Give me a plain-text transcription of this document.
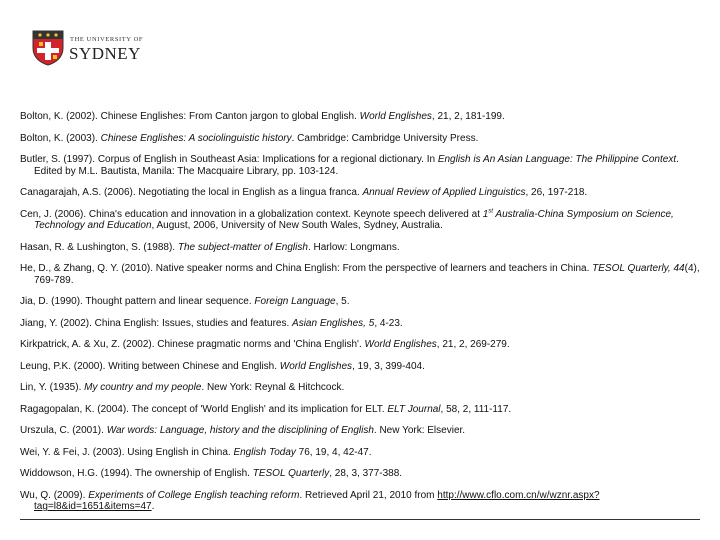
THE UNIVERSITY OF
SYDNEY

Bolton, K. (2002). Chinese Englishes: From Canton jargon to global English. World Englishes, 21, 2, 181-199.

Bolton, K. (2003). Chinese Englishes: A sociolinguistic history. Cambridge: Cambridge University Press.

Butler, S. (1997). Corpus of English in Southeast Asia: Implications for a regional dictionary. In English is An Asian Language: The Philippine Context. Edited by M.L. Bautista, Manila: The Macquaire Library, pp. 103-124.

Canagarajah, A.S. (2006). Negotiating the local in English as a lingua franca. Annual Review of Applied Linguistics, 26, 197-218.

Cen, J. (2006). China's education and innovation in a globalization context. Keynote speech delivered at 1st Australia-China Symposium on Science, Technology and Education, August, 2006, University of New South Wales, Sydney, Australia.

Hasan, R. & Lushington, S. (1988). The subject-matter of English. Harlow: Longmans.

He, D., & Zhang, Q. Y. (2010). Native speaker norms and China English: From the perspective of learners and teachers in China. TESOL Quarterly, 44(4), 769-789.

Jia, D. (1990). Thought pattern and linear sequence. Foreign Language, 5.

Jiang, Y. (2002). China English: Issues, studies and features. Asian Englishes, 5, 4-23.

Kirkpatrick, A. & Xu, Z. (2002). Chinese pragmatic norms and 'China English'. World Englishes, 21, 2, 269-279.

Leung, P.K. (2000). Writing between Chinese and English. World Englishes, 19, 3, 399-404.

Lin, Y. (1935). My country and my people. New York: Reynal & Hitchcock.

Ragagopalan, K. (2004). The concept of 'World English' and its implication for ELT. ELT Journal, 58, 2, 111-117.

Urszula, C. (2001). War words: Language, history and the disciplining of English. New York: Elsevier.

Wei, Y. & Fei, J. (2003). Using English in China. English Today 76, 19, 4, 42-47.

Widdowson, H.G. (1994). The ownership of English. TESOL Quarterly, 28, 3, 377-388.

Wu, Q. (2009). Experiments of College English teaching reform. Retrieved April 21, 2010 from http://www.cflo.com.cn/w/wznr.aspx?tag=l8&id=1651&items=47.
